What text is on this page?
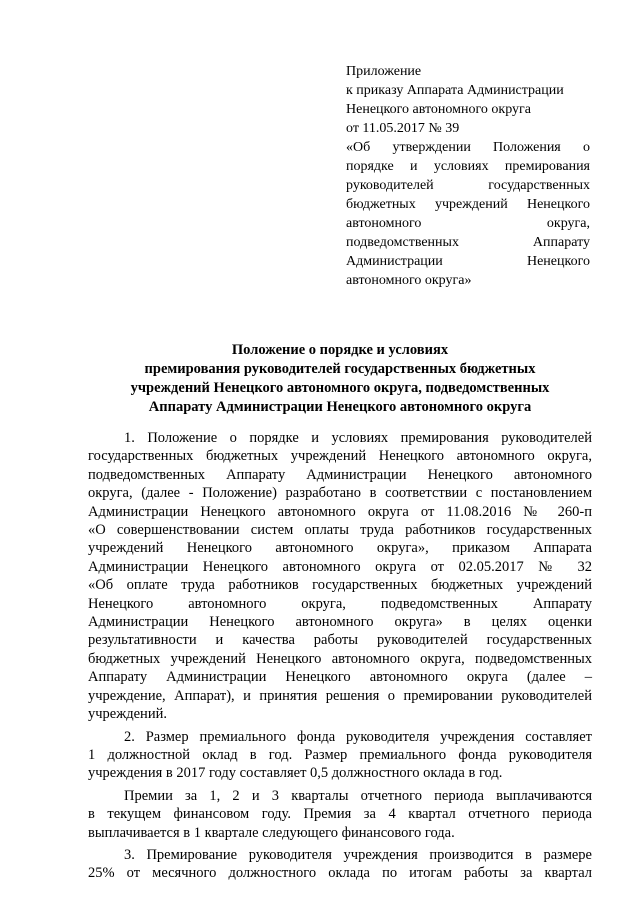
Приложение
к приказу Аппарата Администрации
Ненецкого автономного округа
от 11.05.2017 № 39
«Об утверждении Положения о
порядке и условиях премирования
руководителей государственных
бюджетных учреждений Ненецкого
автономного округа,
подведомственных Аппарату
Администрации Ненецкого
автономного округа»
Положение о порядке и условиях
премирования руководителей государственных бюджетных
учреждений Ненецкого автономного округа, подведомственных
Аппарату Администрации Ненецкого автономного округа
1. Положение о порядке и условиях премирования руководителей
государственных бюджетных учреждений Ненецкого автономного округа,
подведомственных Аппарату Администрации Ненецкого автономного
округа, (далее - Положение) разработано в соответствии с постановлением
Администрации Ненецкого автономного округа от 11.08.2016 № 260-п
«О совершенствовании систем оплаты труда работников государственных
учреждений Ненецкого автономного округа», приказом Аппарата
Администрации Ненецкого автономного округа от 02.05.2017 № 32
«Об оплате труда работников государственных бюджетных учреждений
Ненецкого автономного округа, подведомственных Аппарату
Администрации Ненецкого автономного округа» в целях оценки
результативности и качества работы руководителей государственных
бюджетных учреждений Ненецкого автономного округа, подведомственных
Аппарату Администрации Ненецкого автономного округа (далее –
учреждение, Аппарат), и принятия решения о премировании руководителей
учреждений.
2. Размер премиального фонда руководителя учреждения составляет
1 должностной оклад в год. Размер премиального фонда руководителя
учреждения в 2017 году составляет 0,5 должностного оклада в год.
Премии за 1, 2 и 3 кварталы отчетного периода выплачиваются
в текущем финансовом году. Премия за 4 квартал отчетного периода
выплачивается в 1 квартале следующего финансового года.
3. Премирование руководителя учреждения производится в размере
25% от месячного должностного оклада по итогам работы за квартал
